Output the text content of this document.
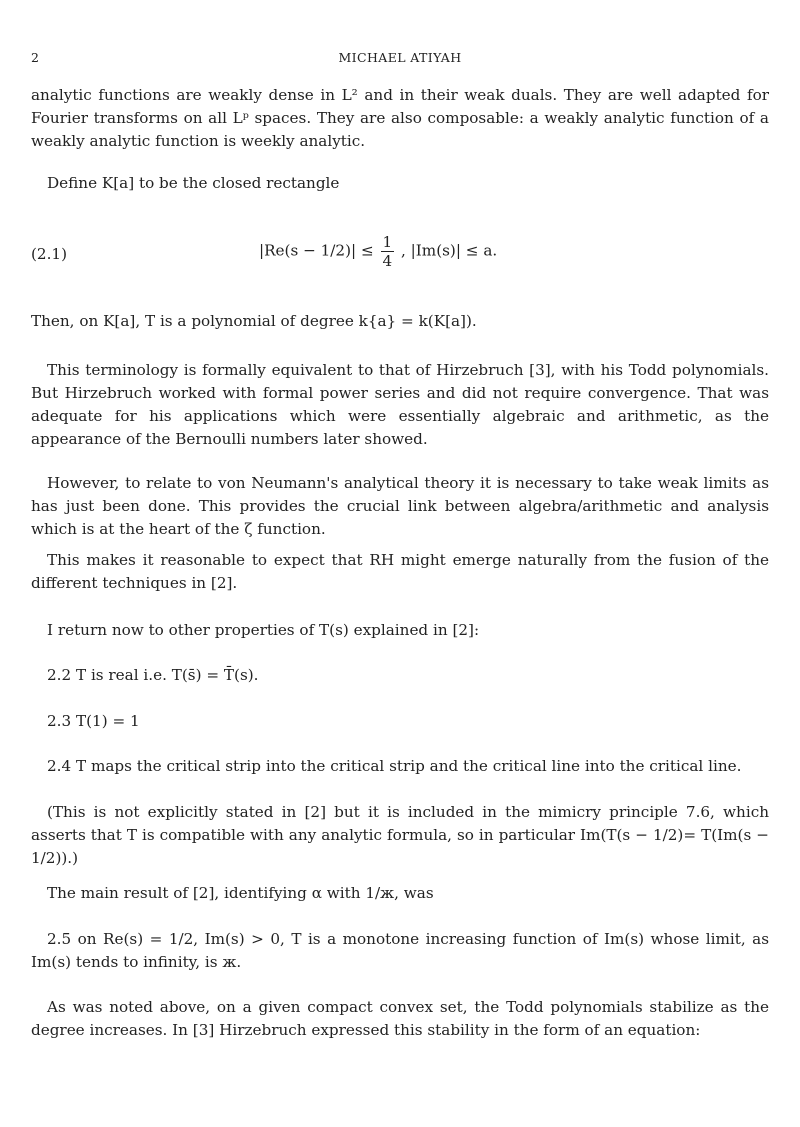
2	MICHAEL ATIYAH

analytic functions are weakly dense in L² and in their weak duals. They are well adapted for Fourier transforms on all Lᵖ spaces. They are also composable: a weakly analytic function of a weakly analytic function is weekly analytic.

Define K[a] to be the closed rectangle

(2.1)	$|Re(s - 1/2)| \le \frac{1}{4}$ , |Im(s)| ≤ a.

Then, on K[a], T is a polynomial of degree k{a} = k(K[a]).

This terminology is formally equivalent to that of Hirzebruch [3], with his Todd polynomials. But Hirzebruch worked with formal power series and did not require convergence. That was adequate for his applications which were essentially algebraic and arithmetic, as the appearance of the Bernoulli numbers later showed.

However, to relate to von Neumann's analytical theory it is necessary to take weak limits as has just been done. This provides the crucial link between algebra/arithmetic and analysis which is at the heart of the ζ function.

This makes it reasonable to expect that RH might emerge naturally from the fusion of the different techniques in [2].

I return now to other properties of T(s) explained in [2]:

2.2 T is real i.e. T(s̄) = T̄(s).

2.3 T(1) = 1

2.4 T maps the critical strip into the critical strip and the critical line into the critical line.

(This is not explicitly stated in [2] but it is included in the mimicry principle 7.6, which asserts that T is compatible with any analytic formula, so in particular Im(T(s − 1/2)= T(Im(s − 1/2)).)

The main result of [2], identifying α with 1/ж, was

2.5 on Re(s) = 1/2, Im(s) > 0, T is a monotone increasing function of Im(s) whose limit, as Im(s) tends to infinity, is ж.

As was noted above, on a given compact convex set, the Todd polynomials stabilize as the degree increases. In [3] Hirzebruch expressed this stability in the form of an equation:
